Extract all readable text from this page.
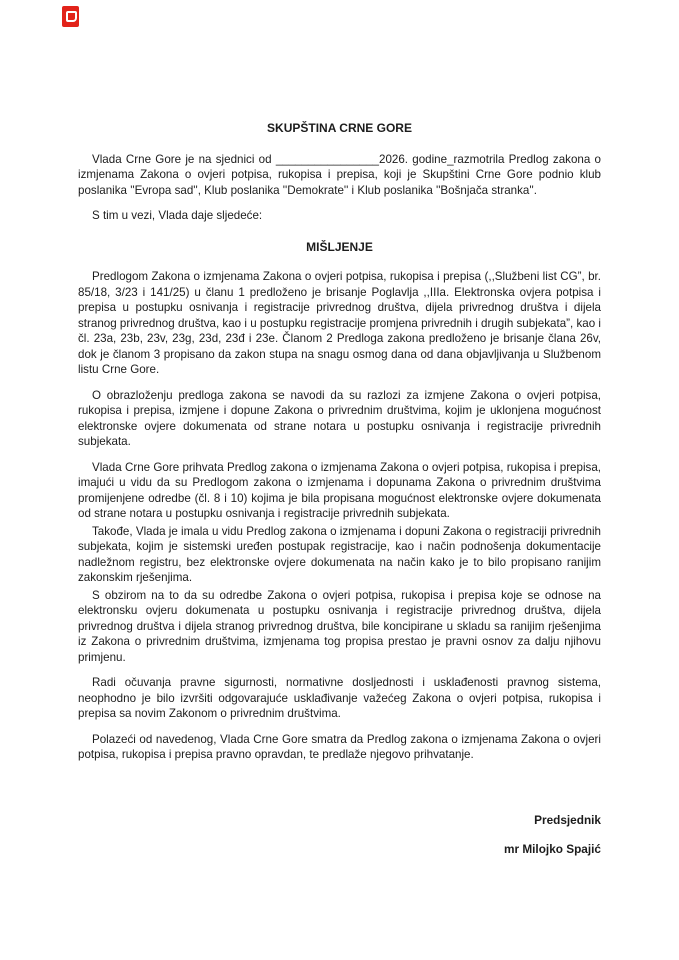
SKUPŠTINA CRNE GORE

Vlada Crne Gore je na sjednici od ________________2026. godine_razmotrila Predlog zakona o izmjenama Zakona o ovjeri potpisa, rukopisa i prepisa, koji je Skupštini Crne Gore podnio klub poslanika ''Evropa sad'', Klub poslanika ''Demokrate'' i Klub poslanika ''Bošnjača stranka''.

S tim u vezi, Vlada daje sljedeće:

MIŠLJENJE

Predlogom Zakona o izmjenama Zakona o ovjeri potpisa, rukopisa i prepisa (,,Službeni list CG”, br. 85/18, 3/23 i 141/25) u članu 1 predloženo je brisanje Poglavlja ,,IIIa. Elektronska ovjera potpisa i prepisa u postupku osnivanja i registracije privrednog društva, dijela privrednog društva i dijela stranog privrednog društva, kao i u postupku registracije promjena privrednih i drugih subjekata”, kao i čl. 23a, 23b, 23v, 23g, 23d, 23đ i 23e. Članom 2 Predloga zakona predloženo je brisanje člana 26v, dok je članom 3 propisano da zakon stupa na snagu osmog dana od dana objavljivanja u Službenom listu Crne Gore.

O obrazloženju predloga zakona se navodi da su razlozi za izmjene Zakona o ovjeri potpisa, rukopisa i prepisa, izmjene i dopune Zakona o privrednim društvima, kojim je uklonjena mogućnost elektronske ovjere dokumenata od strane notara u postupku osnivanja i registracije privrednih subjekata.

Vlada Crne Gore prihvata Predlog zakona o izmjenama Zakona o ovjeri potpisa, rukopisa i prepisa, imajući u vidu da su Predlogom zakona o izmjenama i dopunama Zakona o privrednim društvima promijenjene odredbe (čl. 8 i 10) kojima je bila propisana mogućnost elektronske ovjere dokumenata od strane notara u postupku osnivanja i registracije privrednih subjekata.

Takođe, Vlada je imala u vidu Predlog zakona o izmjenama i dopuni Zakona o registraciji privrednih subjekata, kojim je sistemski uređen postupak registracije, kao i način podnošenja dokumentacije nadležnom registru, bez elektronske ovjere dokumenata na način kako je to bilo propisano ranijim zakonskim rješenjima.

S obzirom na to da su odredbe Zakona o ovjeri potpisa, rukopisa i prepisa koje se odnose na elektronsku ovjeru dokumenata u postupku osnivanja i registracije privrednog društva, dijela privrednog društva i dijela stranog privrednog društva, bile koncipirane u skladu sa ranijim rješenjima iz Zakona o privrednim društvima, izmjenama tog propisa prestao je pravni osnov za dalju njihovu primjenu.

Radi očuvanja pravne sigurnosti, normativne dosljednosti i usklađenosti pravnog sistema, neophodno je bilo izvršiti odgovarajuće usklađivanje važećeg Zakona o ovjeri potpisa, rukopisa i prepisa sa novim Zakonom o privrednim društvima.

Polazeći od navedenog, Vlada Crne Gore smatra da Predlog zakona o izmjenama Zakona o ovjeri potpisa, rukopisa i prepisa pravno opravdan, te predlaže njegovo prihvatanje.

Predsjednik
mr Milojko Spajić
